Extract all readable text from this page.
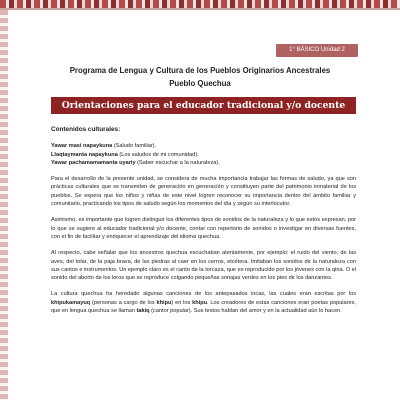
1° BÁSICO Unidad 2
Programa de Lengua y Cultura de los Pueblos Originarios Ancestrales
Pueblo Quechua
Orientaciones para el educador tradicional y/o docente

Contenidos culturales:

Yawar masi napaykuna (Saludo familiar).

Llaqtaymanta napaykuna (Los saludos de mi comunidad).

Yawar pachamamamanta uyariy (Saber escuchar a la naturaleza).

Para el desarrollo de la presente unidad, se considera de mucha importancia trabajar las formas de saludo, ya que son prácticas culturales que se transmiten de generación en generación y constituyen parte del patrimonio inmaterial de los pueblos. Se espera que los niños y niñas de este nivel logren reconocer su importancia dentro del ámbito familiar y comunitario, practicando los tipos de saludo según los momentos del día y según su interlocutor.

Asimismo, es importante que logren distinguir los diferentes tipos de sonidos de la naturaleza y lo que estos expresan, por lo que se sugiere al educador tradicional y/o docente, contar con repertorio de sonidos o investigar en diversas fuentes, con el fin de facilitar y enriquecer el aprendizaje del idioma quechua.

Al respecto, cabe señalar que los ancestros quechua escuchaban atentamente, por ejemplo: el ruido del viento, de las aves, del tolar, de la paja brava, de las piedras al caer en los cerros, etcétera. Imitaban los sonidos de la naturaleza con sus cantos e instrumentos. Un ejemplo claro es el canto de la torcaza, que es reproducido por los jóvenes con la qina. O el sonido del aborto de los loros que se reproduce colgando pequeñas sonajas verdes en los pies de los danzantes.

La cultura quechua ha heredado algunas canciones de los antepasados incas, las cuales eran escritas por los khipukamayuq (personas a cargo de los khipu) en los khipu. Los creadores de estas canciones eran poetas populares, que en lengua quechua se llaman takiq (cantor popular). Sus textos hablan del amor y en la actualidad aún lo hacen.
